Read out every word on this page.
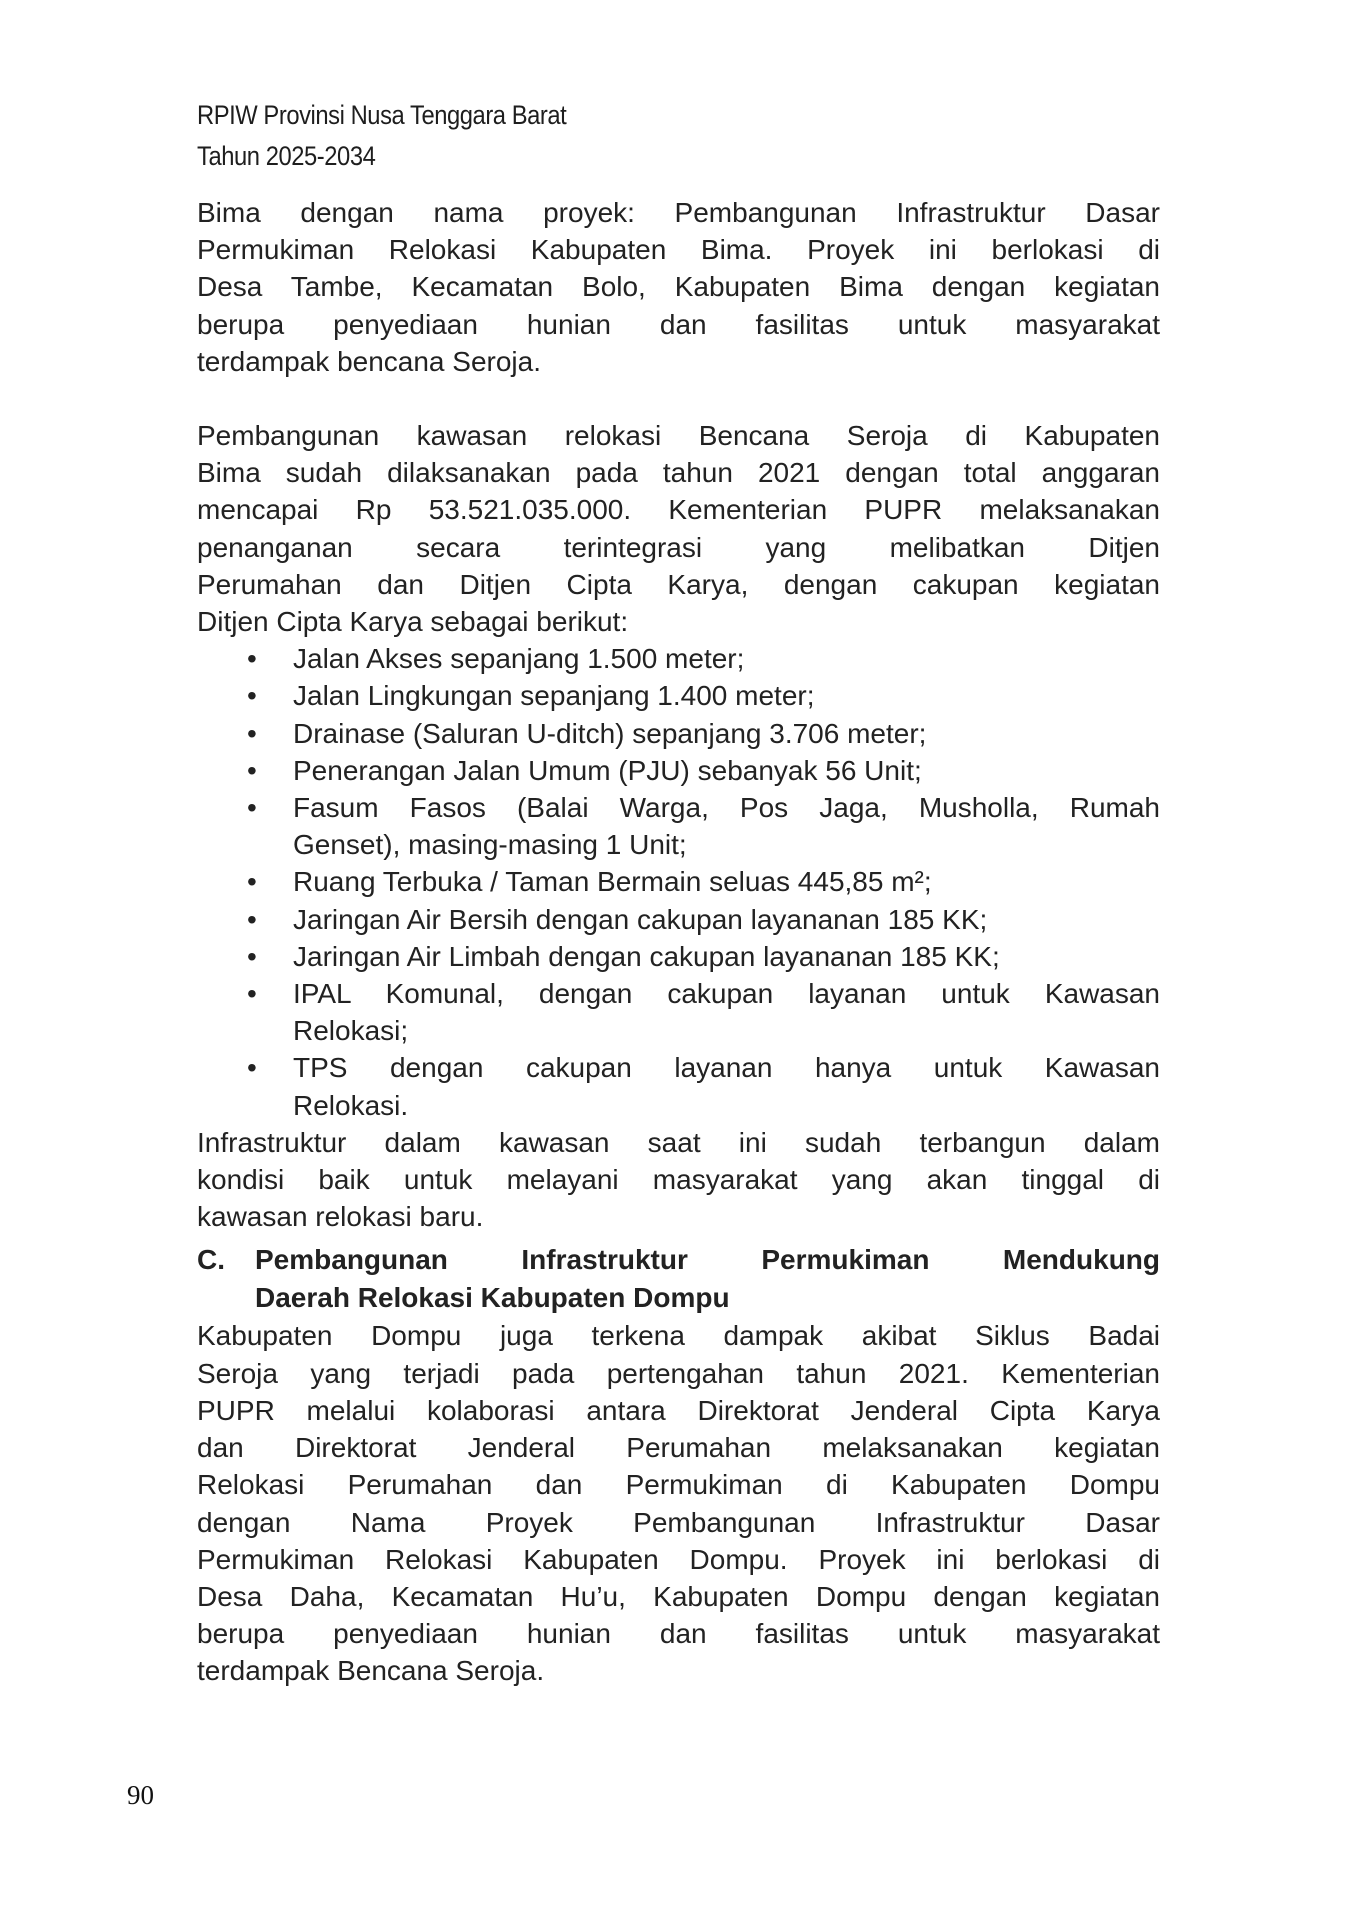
RPIW Provinsi Nusa Tenggara Barat
Tahun 2025-2034
Bima dengan nama proyek: Pembangunan Infrastruktur Dasar
Permukiman Relokasi Kabupaten Bima. Proyek ini berlokasi di
Desa Tambe, Kecamatan Bolo, Kabupaten Bima dengan kegiatan
berupa penyediaan hunian dan fasilitas untuk masyarakat
terdampak bencana Seroja.
Pembangunan kawasan relokasi Bencana Seroja di Kabupaten
Bima sudah dilaksanakan pada tahun 2021 dengan total anggaran
mencapai Rp 53.521.035.000. Kementerian PUPR melaksanakan
penanganan secara terintegrasi yang melibatkan Ditjen
Perumahan dan Ditjen Cipta Karya, dengan cakupan kegiatan
Ditjen Cipta Karya sebagai berikut:
• Jalan Akses sepanjang 1.500 meter;
• Jalan Lingkungan sepanjang 1.400 meter;
• Drainase (Saluran U-ditch) sepanjang 3.706 meter;
• Penerangan Jalan Umum (PJU) sebanyak 56 Unit;
• Fasum Fasos (Balai Warga, Pos Jaga, Musholla, Rumah
Genset), masing-masing 1 Unit;
• Ruang Terbuka / Taman Bermain seluas 445,85 m²;
• Jaringan Air Bersih dengan cakupan layananan 185 KK;
• Jaringan Air Limbah dengan cakupan layananan 185 KK;
• IPAL Komunal, dengan cakupan layanan untuk Kawasan
Relokasi;
• TPS dengan cakupan layanan hanya untuk Kawasan
Relokasi.
Infrastruktur dalam kawasan saat ini sudah terbangun dalam
kondisi baik untuk melayani masyarakat yang akan tinggal di
kawasan relokasi baru.
C. Pembangunan Infrastruktur Permukiman Mendukung
Daerah Relokasi Kabupaten Dompu
Kabupaten Dompu juga terkena dampak akibat Siklus Badai
Seroja yang terjadi pada pertengahan tahun 2021. Kementerian
PUPR melalui kolaborasi antara Direktorat Jenderal Cipta Karya
dan Direktorat Jenderal Perumahan melaksanakan kegiatan
Relokasi Perumahan dan Permukiman di Kabupaten Dompu
dengan Nama Proyek Pembangunan Infrastruktur Dasar
Permukiman Relokasi Kabupaten Dompu. Proyek ini berlokasi di
Desa Daha, Kecamatan Hu’u, Kabupaten Dompu dengan kegiatan
berupa penyediaan hunian dan fasilitas untuk masyarakat
terdampak Bencana Seroja.
90
